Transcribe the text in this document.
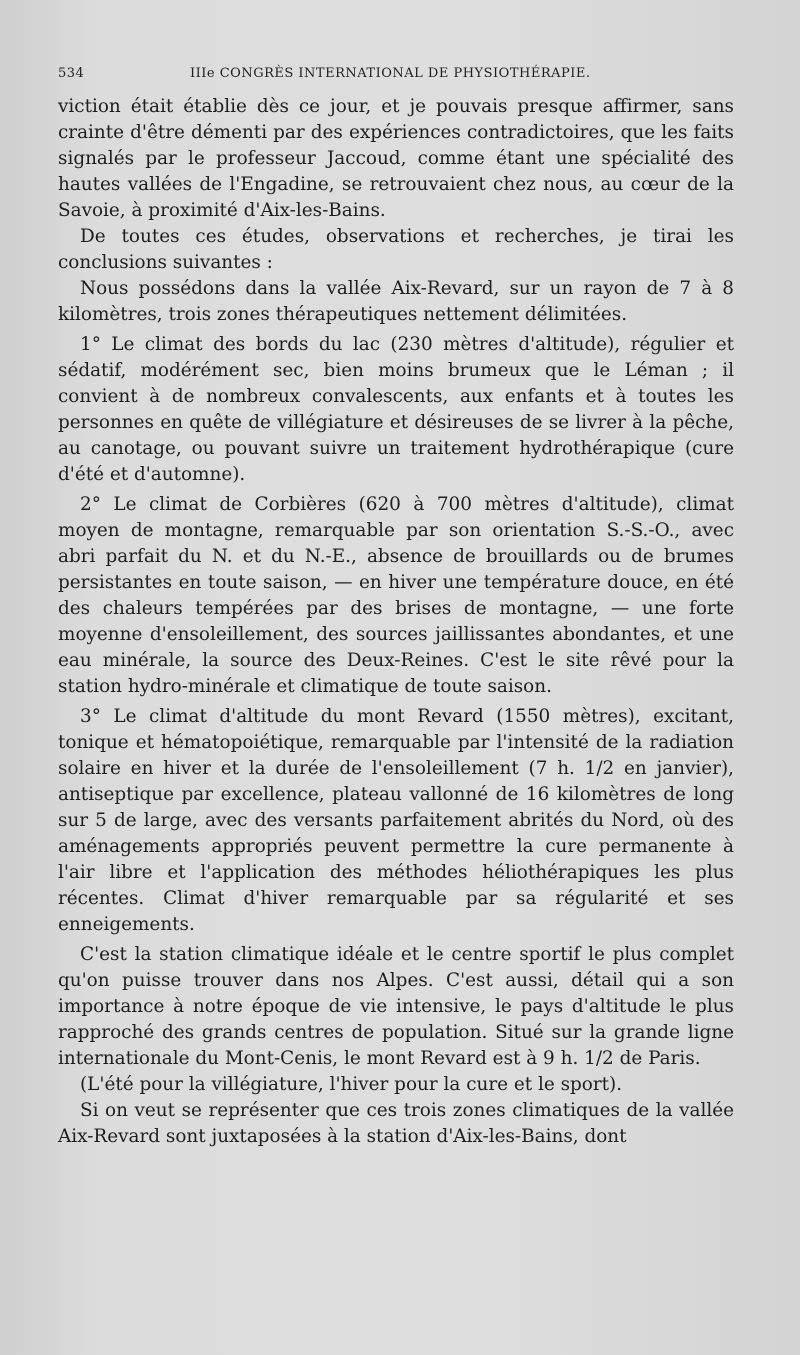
534	IIIe CONGRÈS INTERNATIONAL DE PHYSIOTHÉRAPIE.

viction était établie dès ce jour, et je pouvais presque affirmer, sans crainte d'être démenti par des expériences contradictoires, que les faits signalés par le professeur Jaccoud, comme étant une spécialité des hautes vallées de l'Engadine, se retrouvaient chez nous, au cœur de la Savoie, à proximité d'Aix-les-Bains.

De toutes ces études, observations et recherches, je tirai les conclusions suivantes :

Nous possédons dans la vallée Aix-Revard, sur un rayon de 7 à 8 kilomètres, trois zones thérapeutiques nettement délimitées.

1° Le climat des bords du lac (230 mètres d'altitude), régulier et sédatif, modérément sec, bien moins brumeux que le Léman ; il convient à de nombreux convalescents, aux enfants et à toutes les personnes en quête de villégiature et désireuses de se livrer à la pêche, au canotage, ou pouvant suivre un traitement hydrothérapique (cure d'été et d'automne).

2° Le climat de Corbières (620 à 700 mètres d'altitude), climat moyen de montagne, remarquable par son orientation S.-S.-O., avec abri parfait du N. et du N.-E., absence de brouillards ou de brumes persistantes en toute saison, — en hiver une température douce, en été des chaleurs tempérées par des brises de montagne, — une forte moyenne d'ensoleillement, des sources jaillissantes abondantes, et une eau minérale, la source des Deux-Reines. C'est le site rêvé pour la station hydro-minérale et climatique de toute saison.

3° Le climat d'altitude du mont Revard (1550 mètres), excitant, tonique et hématopoiétique, remarquable par l'intensité de la radiation solaire en hiver et la durée de l'ensoleillement (7 h. 1/2 en janvier), antiseptique par excellence, plateau vallonné de 16 kilomètres de long sur 5 de large, avec des versants parfaitement abrités du Nord, où des aménagements appropriés peuvent permettre la cure permanente à l'air libre et l'application des méthodes héliothérapiques les plus récentes. Climat d'hiver remarquable par sa régularité et ses enneigements.

C'est la station climatique idéale et le centre sportif le plus complet qu'on puisse trouver dans nos Alpes. C'est aussi, détail qui a son importance à notre époque de vie intensive, le pays d'altitude le plus rapproché des grands centres de population. Situé sur la grande ligne internationale du Mont-Cenis, le mont Revard est à 9 h. 1/2 de Paris.

(L'été pour la villégiature, l'hiver pour la cure et le sport).

Si on veut se représenter que ces trois zones climatiques de la vallée Aix-Revard sont juxtaposées à la station d'Aix-les-Bains, dont
